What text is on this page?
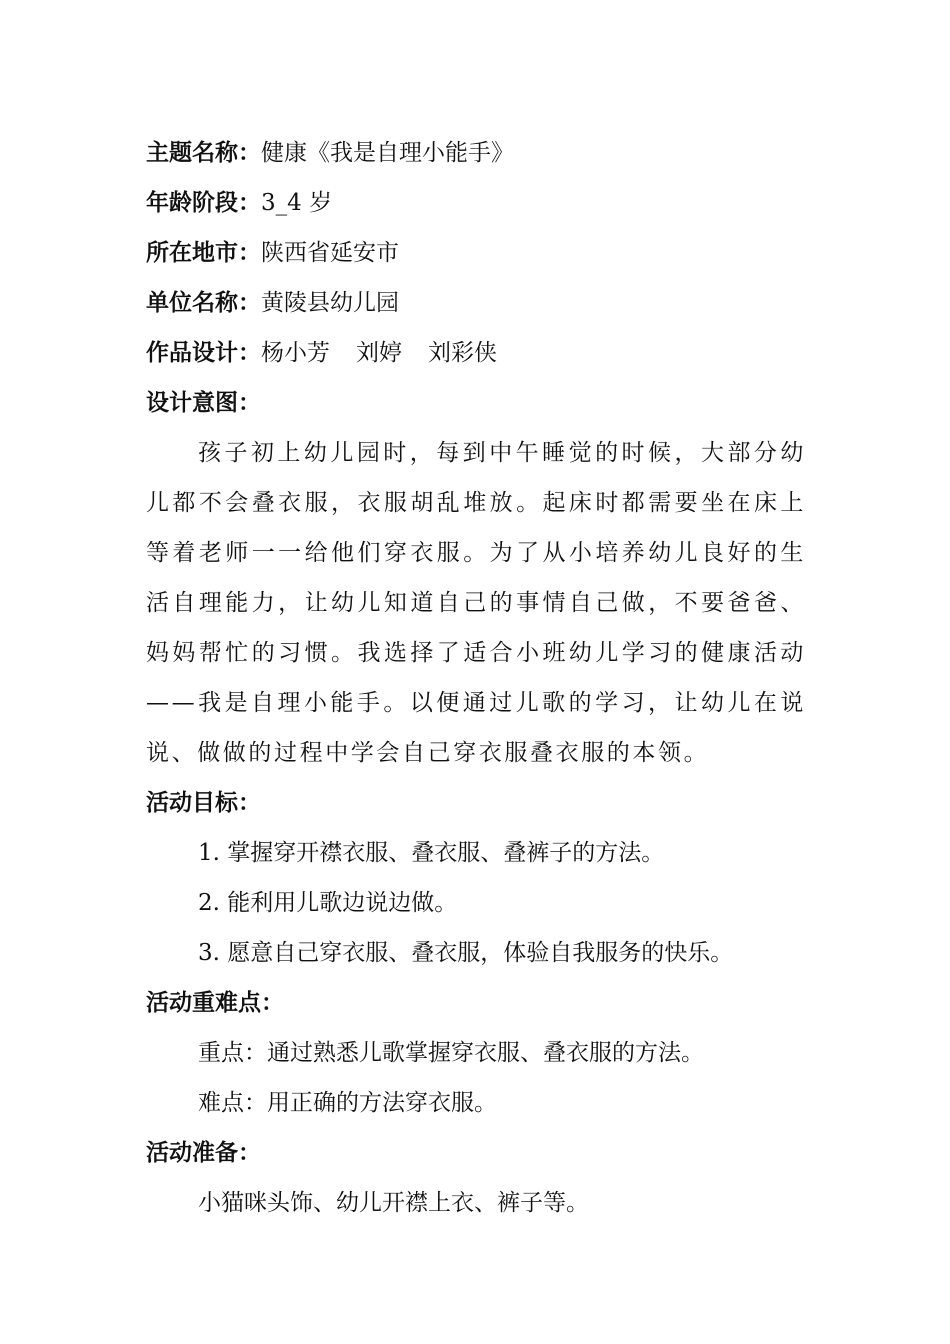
主题名称：健康《我是自理小能手》
年龄阶段：3_4 岁
所在地市：陕西省延安市
单位名称：黄陵县幼儿园
作品设计：杨小芳 刘婷 刘彩侠
设计意图：

孩子初上幼儿园时，每到中午睡觉的时候，大部分幼儿都不会叠衣服，衣服胡乱堆放。起床时都需要坐在床上等着老师一一给他们穿衣服。为了从小培养幼儿良好的生活自理能力，让幼儿知道自己的事情自己做，不要爸爸、妈妈帮忙的习惯。我选择了适合小班幼儿学习的健康活动——我是自理小能手。以便通过儿歌的学习，让幼儿在说说、做做的过程中学会自己穿衣服叠衣服的本领。

活动目标：
1. 掌握穿开襟衣服、叠衣服、叠裤子的方法。
2. 能利用儿歌边说边做。
3. 愿意自己穿衣服、叠衣服，体验自我服务的快乐。
活动重难点：
重点：通过熟悉儿歌掌握穿衣服、叠衣服的方法。
难点：用正确的方法穿衣服。
活动准备：
小猫咪头饰、幼儿开襟上衣、裤子等。
